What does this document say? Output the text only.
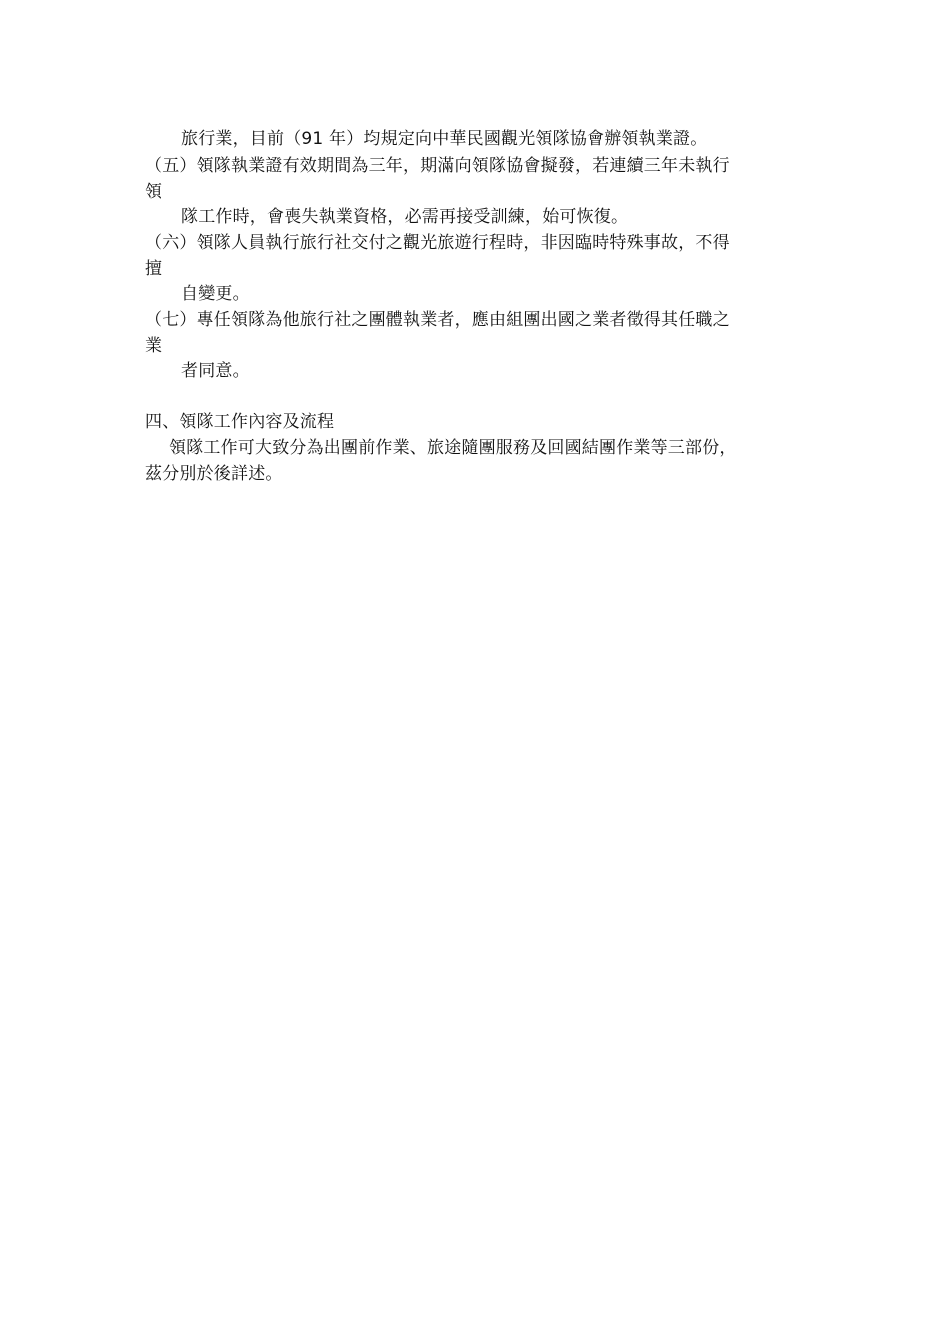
旅行業，目前（91 年）均規定向中華民國觀光領隊協會辦領執業證。
（五）領隊執業證有效期間為三年，期滿向領隊協會擬發，若連續三年未執行
領
隊工作時，會喪失執業資格，必需再接受訓練，始可恢復。
（六）領隊人員執行旅行社交付之觀光旅遊行程時，非因臨時特殊事故，不得
擅
自變更。
（七）專任領隊為他旅行社之團體執業者，應由組團出國之業者徵得其任職之
業
者同意。
四、領隊工作內容及流程
領隊工作可大致分為出團前作業、旅途隨團服務及回國結團作業等三部份，
茲分別於後詳述。
